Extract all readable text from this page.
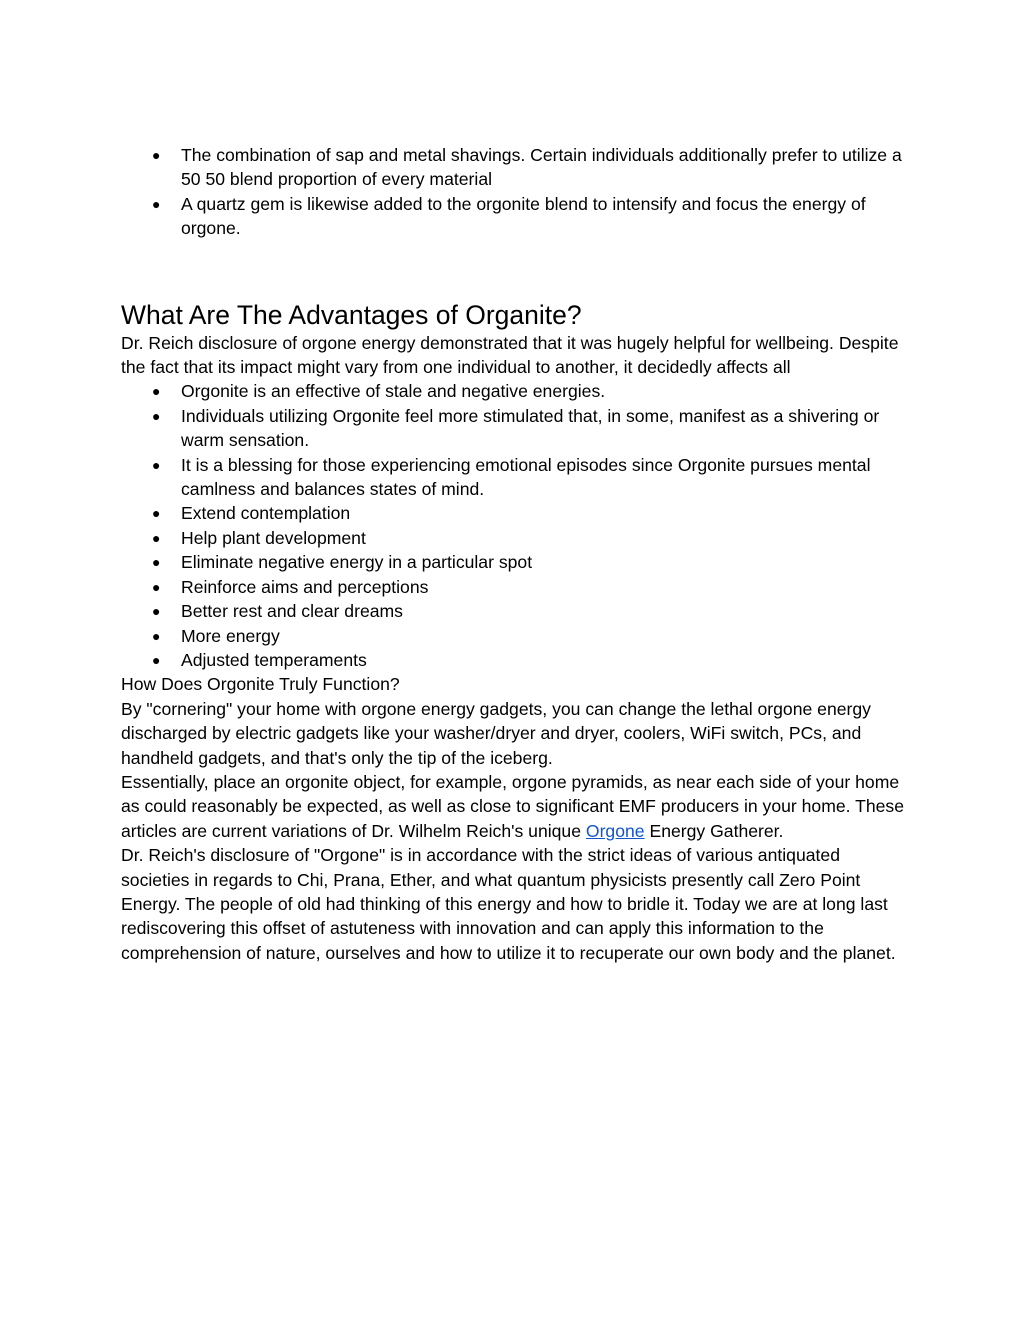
● The combination of sap and metal shavings. Certain individuals additionally prefer to utilize a 50 50 blend proportion of every material
● A quartz gem is likewise added to the orgonite blend to intensify and focus the energy of orgone.
What Are The Advantages of Organite?

Dr. Reich disclosure of orgone energy demonstrated that it was hugely helpful for wellbeing. Despite the fact that its impact might vary from one individual to another, it decidedly affects all

● Orgonite is an effective of stale and negative energies.
● Individuals utilizing Orgonite feel more stimulated that, in some, manifest as a shivering or warm sensation.
● It is a blessing for those experiencing emotional episodes since Orgonite pursues mental camlness and balances states of mind.
● Extend contemplation
● Help plant development
● Eliminate negative energy in a particular spot
● Reinforce aims and perceptions
● Better rest and clear dreams
● More energy
● Adjusted temperaments

How Does Orgonite Truly Function?

By "cornering" your home with orgone energy gadgets, you can change the lethal orgone energy discharged by electric gadgets like your washer/dryer and dryer, coolers, WiFi switch, PCs, and handheld gadgets, and that's only the tip of the iceberg.

Essentially, place an orgonite object, for example, orgone pyramids, as near each side of your home as could reasonably be expected, as well as close to significant EMF producers in your home. These articles are current variations of Dr. Wilhelm Reich's unique Orgone Energy Gatherer.

Dr. Reich's disclosure of "Orgone" is in accordance with the strict ideas of various antiquated societies in regards to Chi, Prana, Ether, and what quantum physicists presently call Zero Point Energy. The people of old had thinking of this energy and how to bridle it. Today we are at long last rediscovering this offset of astuteness with innovation and can apply this information to the comprehension of nature, ourselves and how to utilize it to recuperate our own body and the planet.
